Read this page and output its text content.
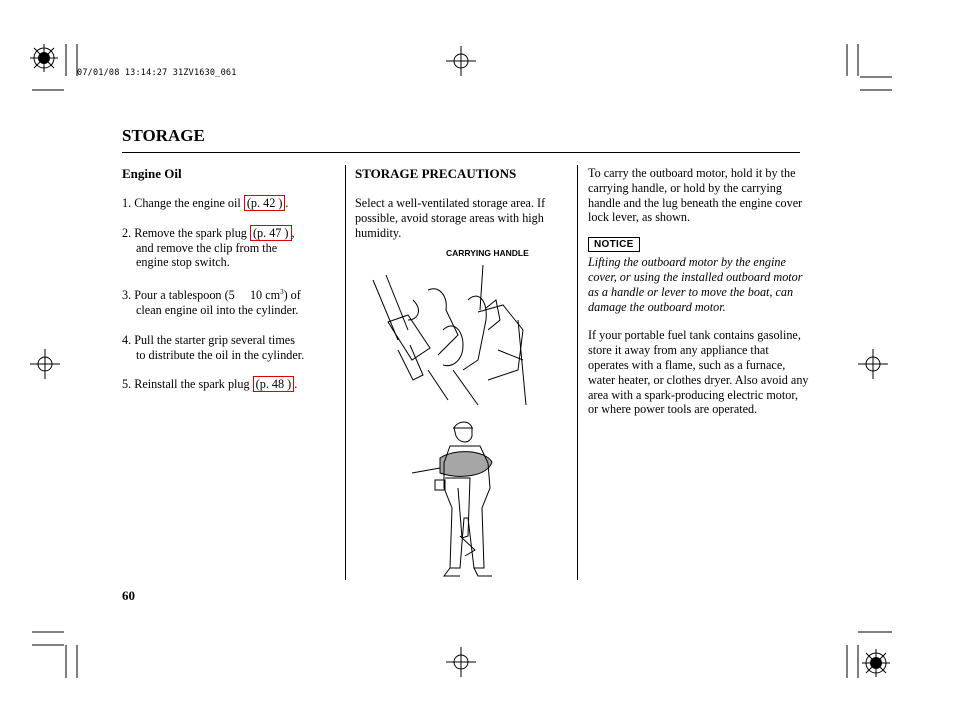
07/01/08 13:14:27 31ZV1630_061
STORAGE
Engine Oil
1. Change the engine oil (p. 42 ) .
2. Remove the spark plug (p. 47 ) ,
and remove the clip from the
engine stop switch.
3. Pour a tablespoon (5 10 $cm^3$) of
clean engine oil into the cylinder.
4. Pull the starter grip several times
to distribute the oil in the cylinder.
5. Reinstall the spark plug (p. 48 ) .
STORAGE PRECAUTIONS
Select a well-ventilated storage area. If possible, avoid storage areas with high humidity.
CARRYING HANDLE
To carry the outboard motor, hold it by the carrying handle, or hold by the carrying handle and the lug beneath the engine cover lock lever, as shown.
NOTICE
Lifting the outboard motor by the engine cover, or using the installed outboard motor as a handle or lever to move the boat, can damage the outboard motor.
If your portable fuel tank contains gasoline, store it away from any appliance that operates with a flame, such as a furnace, water heater, or clothes dryer. Also avoid any area with a spark-producing electric motor, or where power tools are operated.
60
